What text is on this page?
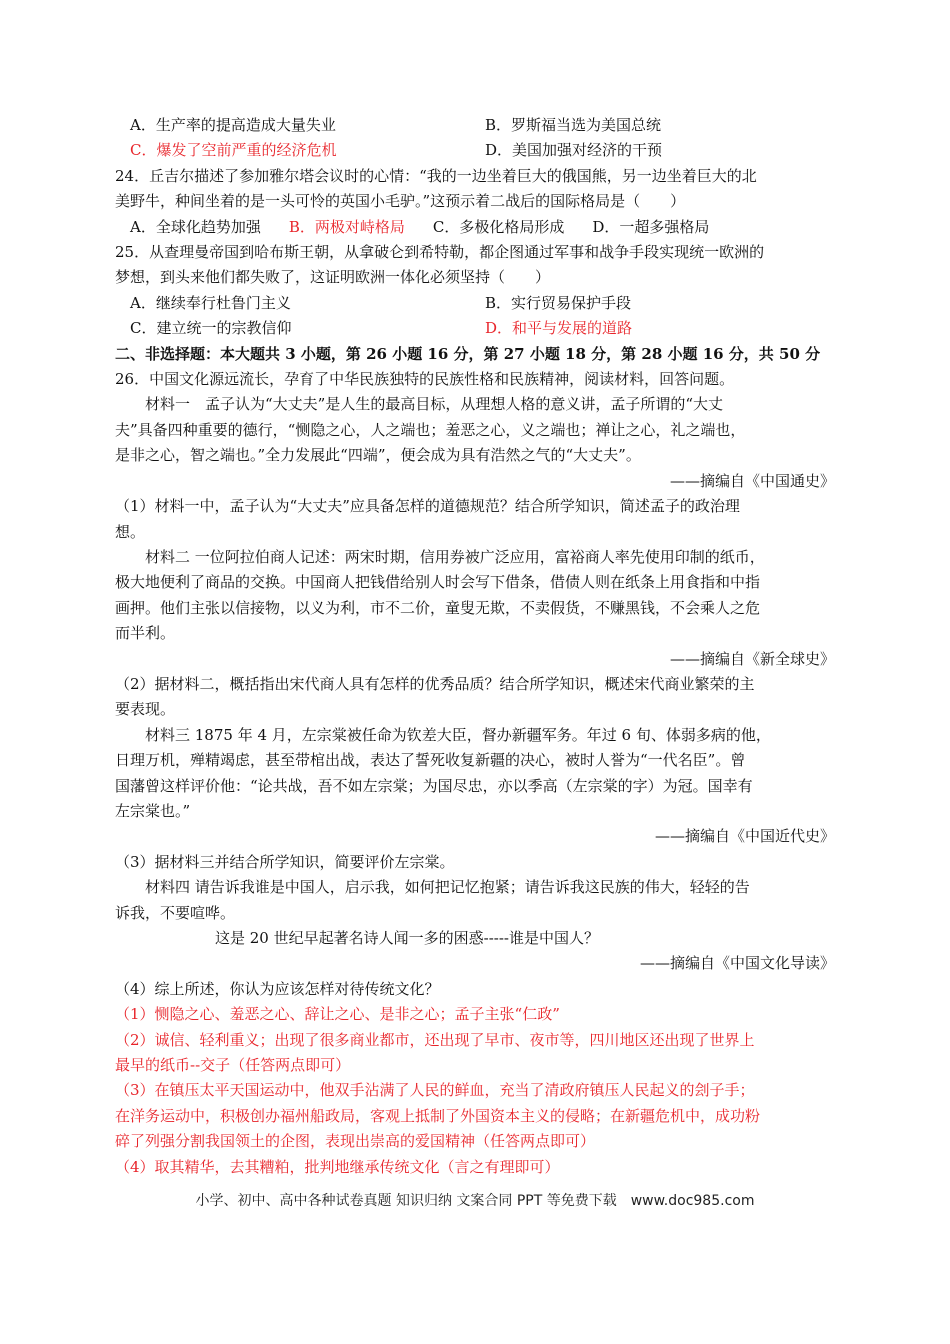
A．生产率的提高造成大量失业	B．罗斯福当选为美国总统
C．爆发了空前严重的经济危机	D．美国加强对经济的干预

24．丘吉尔描述了参加雅尔塔会议时的心情：“我的一边坐着巨大的俄国熊，另一边坐着巨大的北

美野牛，种间坐着的是一头可怜的英国小毛驴。”这预示着二战后的国际格局是（　　）

A．全球化趋势加强 B．两极对峙格局 C．多极化格局形成 D．一超多强格局

25．从查理曼帝国到哈布斯王朝，从拿破仑到希特勒，都企图通过军事和战争手段实现统一欧洲的

梦想，到头来他们都失败了，这证明欧洲一体化必须坚持（　　）

A．继续奉行杜鲁门主义	B．实行贸易保护手段
C．建立统一的宗教信仰	D．和平与发展的道路

二、非选择题：本大题共 3 小题，第 26 小题 16 分，第 27 小题 18 分，第 28 小题 16 分，共 50 分

26．中国文化源远流长，孕育了中华民族独特的民族性格和民族精神，阅读材料，回答问题。

材料一　孟子认为“大丈夫”是人生的最高目标，从理想人格的意义讲，孟子所谓的“大丈

夫”具备四种重要的德行，“恻隐之心，人之端也；羞恶之心，义之端也；禅让之心，礼之端也，

是非之心，智之端也。”全力发展此“四端”，便会成为具有浩然之气的“大丈夫”。

——摘编自《中国通史》

（1）材料一中，孟子认为“大丈夫”应具备怎样的道德规范？结合所学知识，简述孟子的政治理

想。

材料二 一位阿拉伯商人记述：两宋时期，信用券被广泛应用，富裕商人率先使用印制的纸币，

极大地便利了商品的交换。中国商人把钱借给别人时会写下借条，借债人则在纸条上用食指和中指

画押。他们主张以信接物，以义为利，市不二价，童叟无欺，不卖假货，不赚黑钱，不会乘人之危

而半利。

——摘编自《新全球史》

（2）据材料二，概括指出宋代商人具有怎样的优秀品质？结合所学知识，概述宋代商业繁荣的主

要表现。

材料三 1875 年 4 月，左宗棠被任命为钦差大臣，督办新疆军务。年过 6 旬、体弱多病的他，

日理万机，殚精竭虑，甚至带棺出战，表达了誓死收复新疆的决心，被时人誉为“一代名臣”。曾

国藩曾这样评价他：“论共战，吾不如左宗棠；为国尽忠，亦以季高（左宗棠的字）为冠。国幸有

左宗棠也。”

——摘编自《中国近代史》

（3）据材料三并结合所学知识，简要评价左宗棠。

材料四 请告诉我谁是中国人，启示我，如何把记忆抱紧；请告诉我这民族的伟大，轻轻的告

诉我，不要喧哗。

这是 20 世纪早起著名诗人闻一多的困惑-----谁是中国人？

——摘编自《中国文化导读》

（4）综上所述，你认为应该怎样对待传统文化？

（1）恻隐之心、羞恶之心、辞让之心、是非之心；孟子主张“仁政”

（2）诚信、轻利重义；出现了很多商业都市，还出现了早市、夜市等，四川地区还出现了世界上

最早的纸币--交子（任答两点即可）

（3）在镇压太平天国运动中，他双手沾满了人民的鲜血，充当了清政府镇压人民起义的刽子手；

在洋务运动中，积极创办福州船政局，客观上抵制了外国资本主义的侵略；在新疆危机中，成功粉

碎了列强分割我国领土的企图，表现出崇高的爱国精神（任答两点即可）

（4）取其精华，去其糟粕，批判地继承传统文化（言之有理即可）

小学、初中、高中各种试卷真题 知识归纳 文案合同 PPT 等免费下载　www.doc985.com
